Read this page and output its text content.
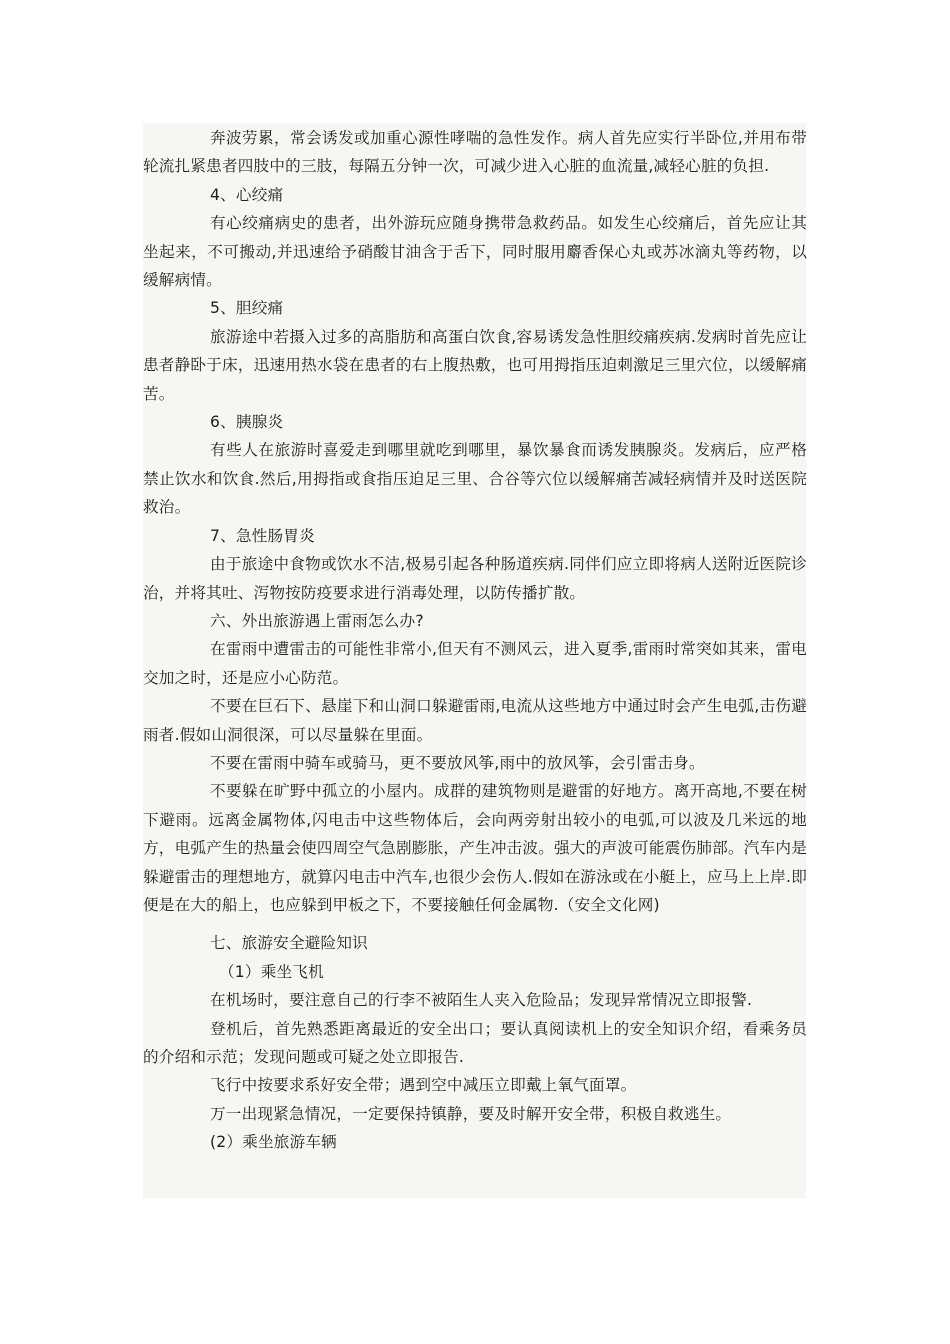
奔波劳累，常会诱发或加重心源性哮喘的急性发作。病人首先应实行半卧位,并用布带轮流扎紧患者四肢中的三肢，每隔五分钟一次，可减少进入心脏的血流量,减轻心脏的负担.

4、心绞痛

有心绞痛病史的患者，出外游玩应随身携带急救药品。如发生心绞痛后，首先应让其坐起来，不可搬动,并迅速给予硝酸甘油含于舌下，同时服用麝香保心丸或苏冰滴丸等药物，以缓解病情。

5、胆绞痛

旅游途中若摄入过多的高脂肪和高蛋白饮食,容易诱发急性胆绞痛疾病.发病时首先应让患者静卧于床，迅速用热水袋在患者的右上腹热敷，也可用拇指压迫刺激足三里穴位，以缓解痛苦。

6、胰腺炎

有些人在旅游时喜爱走到哪里就吃到哪里，暴饮暴食而诱发胰腺炎。发病后，应严格禁止饮水和饮食.然后,用拇指或食指压迫足三里、合谷等穴位以缓解痛苦减轻病情并及时送医院救治。

7、急性肠胃炎

由于旅途中食物或饮水不洁,极易引起各种肠道疾病.同伴们应立即将病人送附近医院诊治，并将其吐、泻物按防疫要求进行消毒处理，以防传播扩散。

六、外出旅游遇上雷雨怎么办?

在雷雨中遭雷击的可能性非常小,但天有不测风云，进入夏季,雷雨时常突如其来，雷电交加之时，还是应小心防范。

不要在巨石下、悬崖下和山洞口躲避雷雨,电流从这些地方中通过时会产生电弧,击伤避雨者.假如山洞很深，可以尽量躲在里面。

不要在雷雨中骑车或骑马，更不要放风筝,雨中的放风筝，会引雷击身。

不要躲在旷野中孤立的小屋内。成群的建筑物则是避雷的好地方。离开高地,不要在树下避雨。远离金属物体,闪电击中这些物体后，会向两旁射出较小的电弧,可以波及几米远的地方，电弧产生的热量会使四周空气急剧膨胀，产生冲击波。强大的声波可能震伤肺部。汽车内是躲避雷击的理想地方，就算闪电击中汽车,也很少会伤人.假如在游泳或在小艇上，应马上上岸.即便是在大的船上，也应躲到甲板之下，不要接触任何金属物.（安全文化网)

七、旅游安全避险知识

（1）乘坐飞机

在机场时，要注意自己的行李不被陌生人夹入危险品；发现异常情况立即报警.

登机后，首先熟悉距离最近的安全出口；要认真阅读机上的安全知识介绍，看乘务员的介绍和示范；发现问题或可疑之处立即报告.

飞行中按要求系好安全带；遇到空中减压立即戴上氧气面罩。

万一出现紧急情况，一定要保持镇静，要及时解开安全带，积极自救逃生。

(2）乘坐旅游车辆
